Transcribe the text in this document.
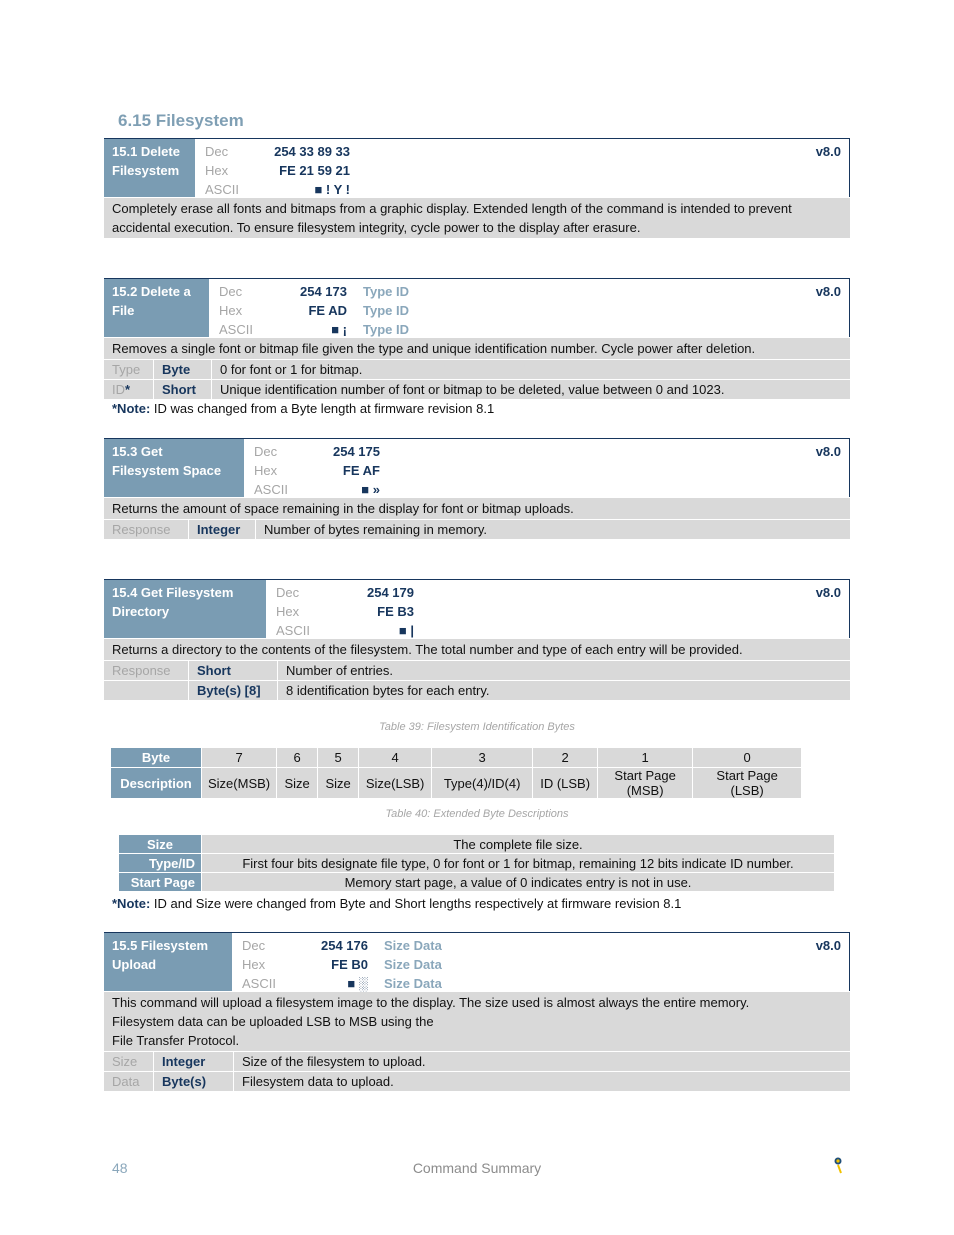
6.15 Filesystem
15.1 Delete
Filesystem
Dec	254 33 89 33
Hex	FE 21 59 21
ASCII	■ ! Y !
v8.0
Completely erase all fonts and bitmaps from a graphic display. Extended length of the command is intended to prevent accidental execution. To ensure filesystem integrity, cycle power to the display after erasure.
15.2 Delete a
File
Dec	254 173 Type ID
Hex	FE AD Type ID
ASCII	■ ¡ Type ID
v8.0
Removes a single font or bitmap file given the type and unique identification number. Cycle power after deletion.
Type	Byte	0 for font or 1 for bitmap.
ID*	Short	Unique identification number of font or bitmap to be deleted, value between 0 and 1023.
*Note: ID was changed from a Byte length at firmware revision 8.1
15.3 Get
Filesystem Space
Dec	254 175
Hex	FE AF
ASCII	■ »
v8.0
Returns the amount of space remaining in the display for font or bitmap uploads.
Response	Integer	Number of bytes remaining in memory.
15.4 Get Filesystem
Directory
Dec	254 179
Hex	FE B3
ASCII	■ |
v8.0
Returns a directory to the contents of the filesystem. The total number and type of each entry will be provided.
Response	Short	Number of entries.
Byte(s) [8]	8 identification bytes for each entry.
Table 39: Filesystem Identification Bytes
Byte	7	6	5	4	3	2	1	0
Description	Size(MSB)	Size	Size	Size(LSB)	Type(4)/ID(4)	ID (LSB)	Start Page (MSB)	Start Page (LSB)
Table 40: Extended Byte Descriptions
Size	The complete file size.
Type/ID	First four bits designate file type, 0 for font or 1 for bitmap, remaining 12 bits indicate ID number.
Start Page	Memory start page, a value of 0 indicates entry is not in use.
*Note: ID and Size were changed from Byte and Short lengths respectively at firmware revision 8.1
15.5 Filesystem
Upload
Dec	254 176 Size Data
Hex	FE B0 Size Data
ASCII	■ ░ Size Data
v8.0
This command will upload a filesystem image to the display. The size used is almost always the entire memory.
Filesystem data can be uploaded LSB to MSB using the
File Transfer Protocol.
Size	Integer	Size of the filesystem to upload.
Data	Byte(s)	Filesystem data to upload.
48	Command Summary
